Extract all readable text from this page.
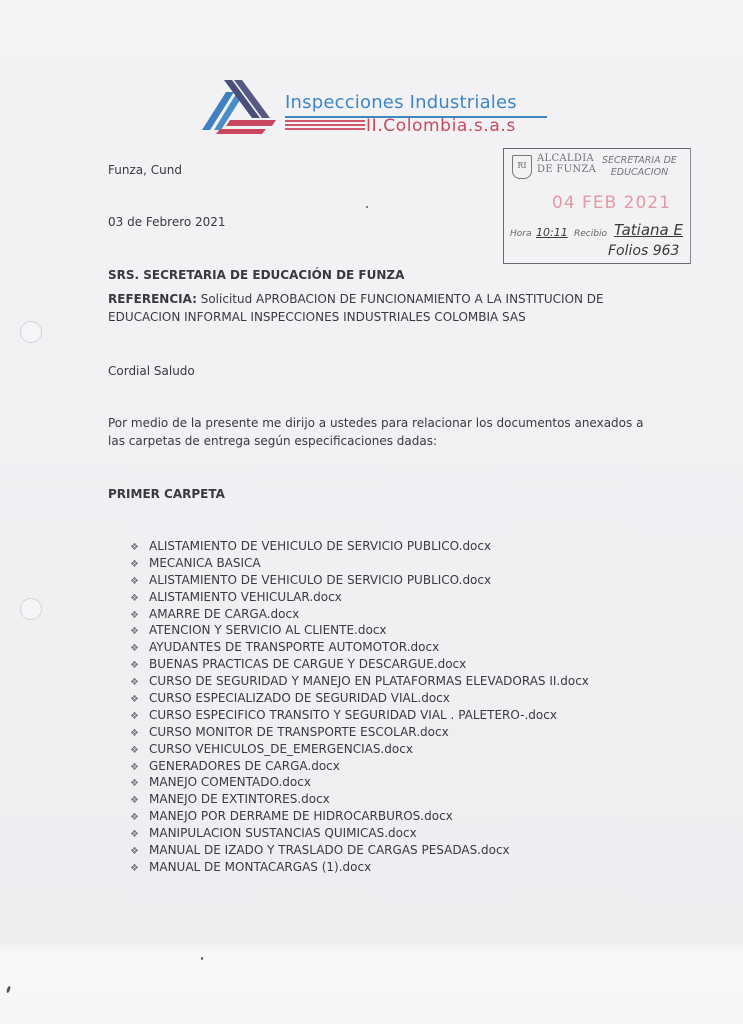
Inspecciones Industriales
II.Colombia.s.a.s
Funza, Cund
03 de Febrero 2021
RI
ALCALDIA
DE FUNZA
SECRETARIA DE
EDUCACION
04 FEB 2021
Hora 10:11 Recibio Tatiana E
Folios 963
SRS. SECRETARIA DE EDUCACIÓN DE FUNZA
REFERENCIA: Solicitud APROBACION DE FUNCIONAMIENTO A LA INSTITUCION DE
EDUCACION INFORMAL INSPECCIONES INDUSTRIALES COLOMBIA SAS
Cordial Saludo
Por medio de la presente me dirijo a ustedes para relacionar los documentos anexados a
las carpetas de entrega según especificaciones dadas:
PRIMER CARPETA
❖ ALISTAMIENTO DE VEHICULO DE SERVICIO PUBLICO.docx
❖ MECANICA BASICA
❖ ALISTAMIENTO DE VEHICULO DE SERVICIO PUBLICO.docx
❖ ALISTAMIENTO VEHICULAR.docx
❖ AMARRE DE CARGA.docx
❖ ATENCION Y SERVICIO AL CLIENTE.docx
❖ AYUDANTES DE TRANSPORTE AUTOMOTOR.docx
❖ BUENAS PRACTICAS DE CARGUE Y DESCARGUE.docx
❖ CURSO DE SEGURIDAD Y MANEJO EN PLATAFORMAS ELEVADORAS II.docx
❖ CURSO ESPECIALIZADO DE SEGURIDAD VIAL.docx
❖ CURSO ESPECIFICO TRANSITO Y SEGURIDAD VIAL . PALETERO-.docx
❖ CURSO MONITOR DE TRANSPORTE ESCOLAR.docx
❖ CURSO VEHICULOS_DE_EMERGENCIAS.docx
❖ GENERADORES DE CARGA.docx
❖ MANEJO COMENTADO.docx
❖ MANEJO DE EXTINTORES.docx
❖ MANEJO POR DERRAME DE HIDROCARBUROS.docx
❖ MANIPULACION SUSTANCIAS QUIMICAS.docx
❖ MANUAL DE IZADO Y TRASLADO DE CARGAS PESADAS.docx
❖ MANUAL DE MONTACARGAS (1).docx
